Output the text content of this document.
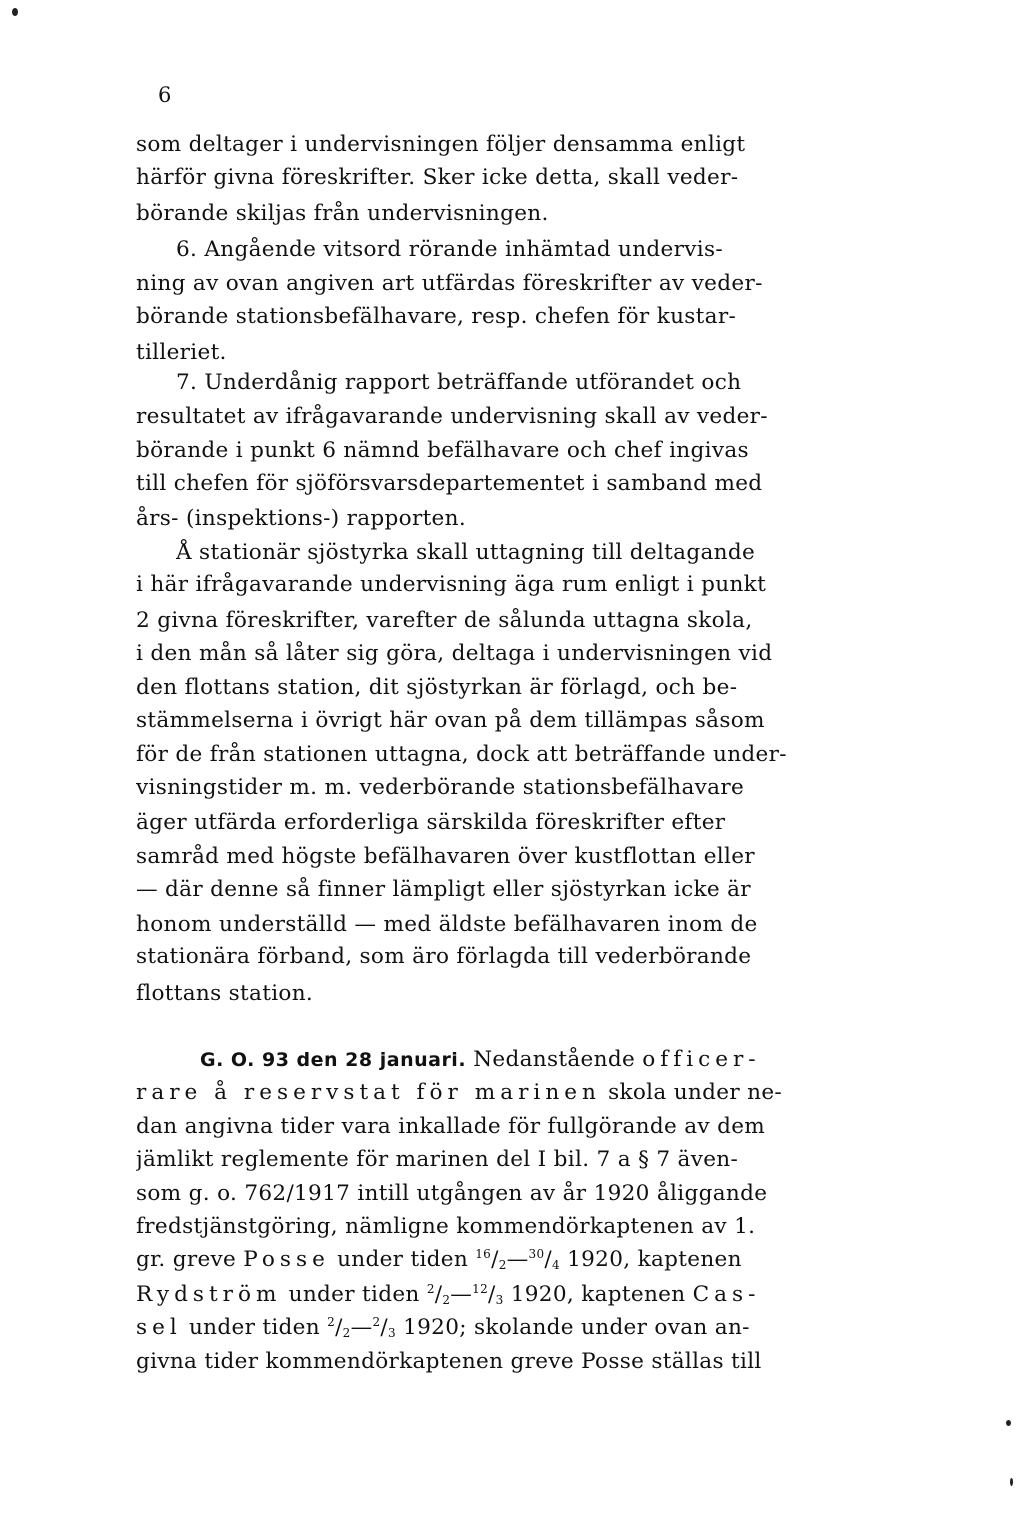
6
som deltager i undervisningen följer densamma enligt
härför givna föreskrifter. Sker icke detta, skall veder-
börande skiljas från undervisningen.
6. Angående vitsord rörande inhämtad undervis-
ning av ovan angiven art utfärdas föreskrifter av veder-
börande stationsbefälhavare, resp. chefen för kustar-
tilleriet.
7. Underdånig rapport beträffande utförandet och
resultatet av ifrågavarande undervisning skall av veder-
börande i punkt 6 nämnd befälhavare och chef ingivas
till chefen för sjöförsvarsdepartementet i samband med
års- (inspektions-) rapporten.
Å stationär sjöstyrka skall uttagning till deltagande
i här ifrågavarande undervisning äga rum enligt i punkt
2 givna föreskrifter, varefter de sålunda uttagna skola,
i den mån så låter sig göra, deltaga i undervisningen vid
den flottans station, dit sjöstyrkan är förlagd, och be-
stämmelserna i övrigt här ovan på dem tillämpas såsom
för de från stationen uttagna, dock att beträffande under-
visningstider m. m. vederbörande stationsbefälhavare
äger utfärda erforderliga särskilda föreskrifter efter
samråd med högste befälhavaren över kustflottan eller
— där denne så finner lämpligt eller sjöstyrkan icke är
honom underställd — med äldste befälhavaren inom de
stationära förband, som äro förlagda till vederbörande
flottans station.
G. O. 93 den 28 januari. Nedanstående officer-
rare å reservstat för marinen skola under ne-
dan angivna tider vara inkallade för fullgörande av dem
jämlikt reglemente för marinen del I bil. 7 a § 7 även-
som g. o. 762/1917 intill utgången av år 1920 åliggande
fredstjänstgöring, nämligne kommendörkaptenen av 1.
gr. greve Posse under tiden $^{16}/_2—^{30}/_4$ 1920, kaptenen
Rydström under tiden $^2/_2—^{12}/_3$ 1920, kaptenen Cas-
sel under tiden $^2/_2—^2/_3$ 1920; skolande under ovan an-
givna tider kommendörkaptenen greve Posse ställas till
